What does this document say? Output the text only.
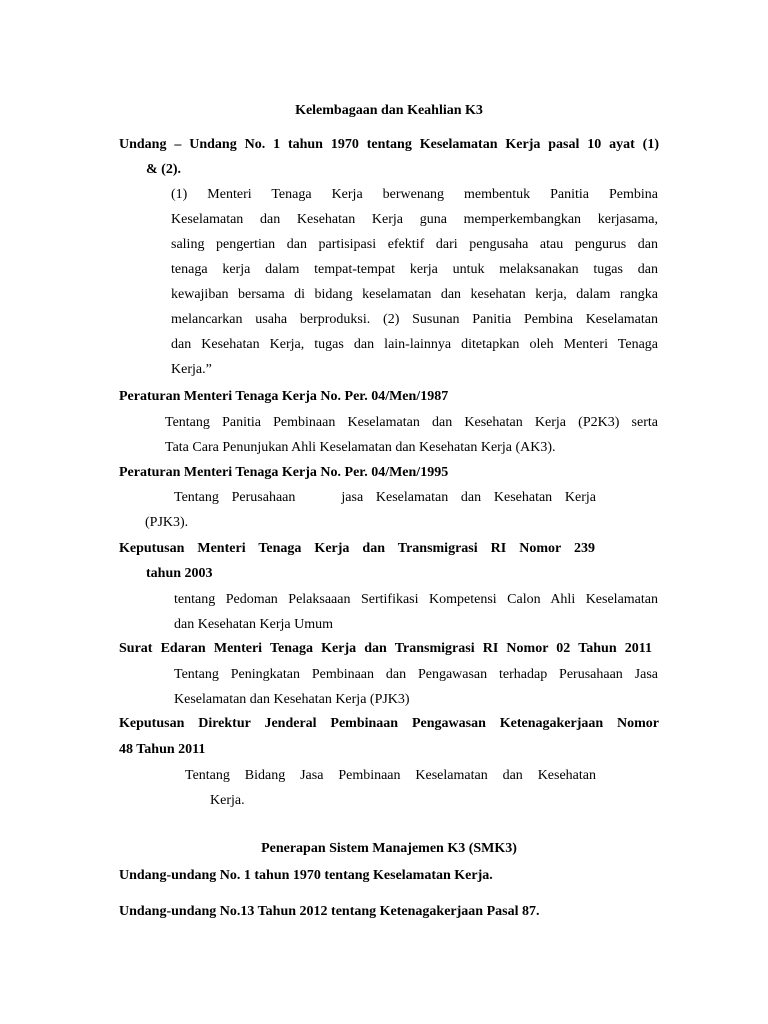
Kelembagaan dan Keahlian K3
Undang – Undang No. 1 tahun 1970 tentang Keselamatan Kerja pasal 10 ayat (1)
& (2).
(1) Menteri Tenaga Kerja berwenang membentuk Panitia Pembina
Keselamatan dan Kesehatan Kerja guna memperkembangkan kerjasama,
saling pengertian dan partisipasi efektif dari pengusaha atau pengurus dan
tenaga kerja dalam tempat-tempat kerja untuk melaksanakan tugas dan
kewajiban bersama di bidang keselamatan dan kesehatan kerja, dalam rangka
melancarkan usaha berproduksi. (2) Susunan Panitia Pembina Keselamatan
dan Kesehatan Kerja, tugas dan lain-lainnya ditetapkan oleh Menteri Tenaga
Kerja.”
Peraturan Menteri Tenaga Kerja No. Per. 04/Men/1987
Tentang Panitia Pembinaan Keselamatan dan Kesehatan Kerja (P2K3) serta
Tata Cara Penunjukan Ahli Keselamatan dan Kesehatan Kerja (AK3).
Peraturan Menteri Tenaga Kerja No. Per. 04/Men/1995
Tentang Perusahaan	jasa Keselamatan dan Kesehatan Kerja
(PJK3).
Keputusan Menteri Tenaga Kerja dan Transmigrasi RI Nomor 239
tahun 2003
tentang Pedoman Pelaksaaan Sertifikasi Kompetensi Calon Ahli Keselamatan
dan Kesehatan Kerja Umum
Surat Edaran Menteri Tenaga Kerja dan Transmigrasi RI Nomor 02 Tahun 2011
Tentang Peningkatan Pembinaan dan Pengawasan terhadap Perusahaan Jasa
Keselamatan dan Kesehatan Kerja (PJK3)
Keputusan Direktur Jenderal Pembinaan Pengawasan Ketenagakerjaan Nomor
48 Tahun 2011
Tentang Bidang Jasa Pembinaan Keselamatan dan Kesehatan
Kerja.
Penerapan Sistem Manajemen K3 (SMK3)
Undang-undang No. 1 tahun 1970 tentang Keselamatan Kerja.
Undang-undang No.13 Tahun 2012 tentang Ketenagakerjaan Pasal 87.
